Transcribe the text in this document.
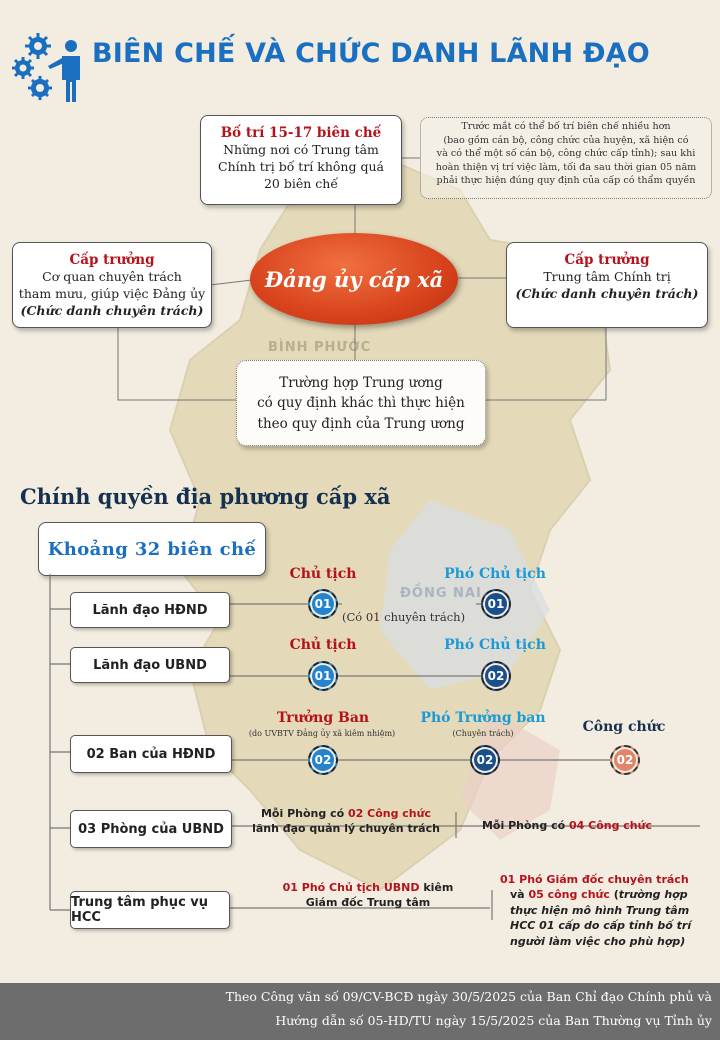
BÌNH PHƯỚC
ĐỒNG NAI
BIÊN CHẾ VÀ CHỨC DANH LÃNH ĐẠO
Bố trí 15-17 biên chế
Những nơi có Trung tâm
Chính trị bố trí không quá
20 biên chế
Trước mắt có thể bố trí biên chế nhiều hơn
(bao gồm cán bộ, công chức của huyện, xã hiện có
và có thể một số cán bộ, công chức cấp tỉnh); sau khi
hoàn thiện vị trí việc làm, tối đa sau thời gian 05 năm
phải thực hiện đúng quy định của cấp có thẩm quyền
Đảng ủy cấp xã
Cấp trưởng
Cơ quan chuyên trách
tham mưu, giúp việc Đảng ủy
(Chức danh chuyên trách)
Cấp trưởng
Trung tâm Chính trị
(Chức danh chuyên trách)
Trường hợp Trung ương
có quy định khác thì thực hiện
theo quy định của Trung ương
Chính quyền địa phương cấp xã
Khoảng 32 biên chế
Lãnh đạo HĐND
Chủ tịch
01
(Có 01 chuyên trách)
Phó Chủ tịch
01
Lãnh đạo UBND
Chủ tịch
01
Phó Chủ tịch
02
02 Ban của HĐND
Trưởng Ban
(do UVBTV Đảng ủy xã kiêm nhiệm)
02
Phó Trưởng ban
(Chuyên trách)
02
Công chức
02
03 Phòng của UBND
Mỗi Phòng có 02 Công chức
lãnh đạo quản lý chuyên trách	Mỗi Phòng có 04 Công chức
Trung tâm phục vụ HCC
01 Phó Chủ tịch UBND kiêm
Giám đốc Trung tâm
01 Phó Giám đốc chuyên trách
và 05 công chức (trường hợp
thực hiện mô hình Trung tâm
HCC 01 cấp do cấp tỉnh bố trí
người làm việc cho phù hợp)
Theo Công văn số 09/CV-BCĐ ngày 30/5/2025 của Ban Chỉ đạo Chính phủ và
Hướng dẫn số 05-HD/TU ngày 15/5/2025 của Ban Thường vụ Tỉnh ủy
